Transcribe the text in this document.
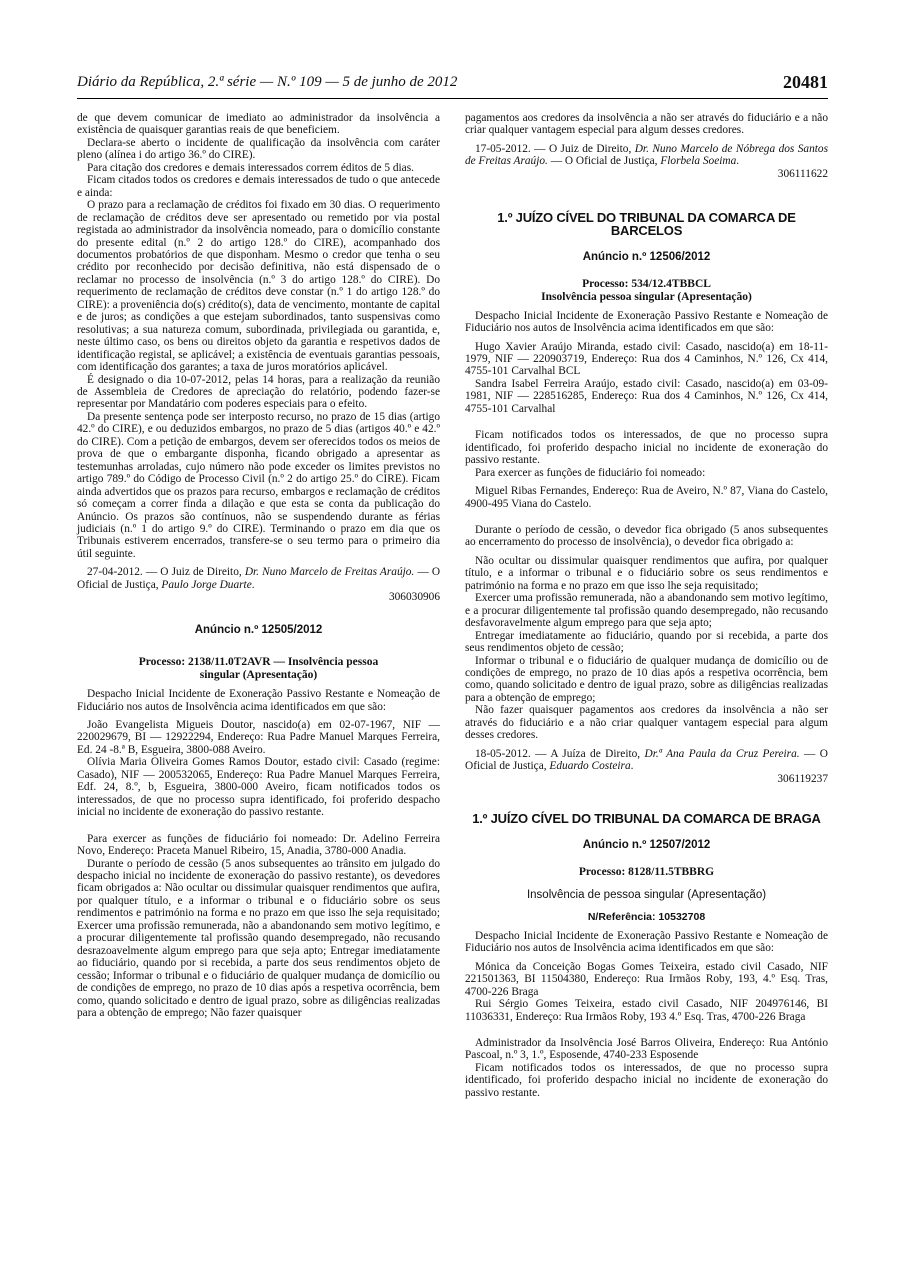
Diário da República, 2.ª série — N.º 109 — 5 de junho de 2012	20481

de que devem comunicar de imediato ao administrador da insolvência a existência de quaisquer garantias reais de que beneficiem.

Declara-se aberto o incidente de qualificação da insolvência com caráter pleno (alínea i do artigo 36.º do CIRE).

Para citação dos credores e demais interessados correm éditos de 5 dias.

Ficam citados todos os credores e demais interessados de tudo o que antecede e ainda:

O prazo para a reclamação de créditos foi fixado em 30 dias. O requerimento de reclamação de créditos deve ser apresentado ou remetido por via postal registada ao administrador da insolvência nomeado, para o domicílio constante do presente edital (n.º 2 do artigo 128.º do CIRE), acompanhado dos documentos probatórios de que disponham. Mesmo o credor que tenha o seu crédito por reconhecido por decisão definitiva, não está dispensado de o reclamar no processo de insolvência (n.º 3 do artigo 128.º do CIRE). Do requerimento de reclamação de créditos deve constar (n.º 1 do artigo 128.º do CIRE): a proveniência do(s) crédito(s), data de vencimento, montante de capital e de juros; as condições a que estejam subordinados, tanto suspensivas como resolutivas; a sua natureza comum, subordinada, privilegiada ou garantida, e, neste último caso, os bens ou direitos objeto da garantia e respetivos dados de identificação registal, se aplicável; a existência de eventuais garantias pessoais, com identificação dos garantes; a taxa de juros moratórios aplicável.

É designado o dia 10-07-2012, pelas 14 horas, para a realização da reunião de Assembleia de Credores de apreciação do relatório, podendo fazer-se representar por Mandatário com poderes especiais para o efeito.

Da presente sentença pode ser interposto recurso, no prazo de 15 dias (artigo 42.º do CIRE), e ou deduzidos embargos, no prazo de 5 dias (artigos 40.º e 42.º do CIRE). Com a petição de embargos, devem ser oferecidos todos os meios de prova de que o embargante disponha, ficando obrigado a apresentar as testemunhas arroladas, cujo número não pode exceder os limites previstos no artigo 789.º do Código de Processo Civil (n.º 2 do artigo 25.º do CIRE). Ficam ainda advertidos que os prazos para recurso, embargos e reclamação de créditos só começam a correr finda a dilação e que esta se conta da publicação do Anúncio. Os prazos são contínuos, não se suspendendo durante as férias judiciais (n.º 1 do artigo 9.º do CIRE). Terminando o prazo em dia que os Tribunais estiverem encerrados, transfere-se o seu termo para o primeiro dia útil seguinte.

27-04-2012. — O Juiz de Direito, Dr. Nuno Marcelo de Freitas Araújo. — O Oficial de Justiça, Paulo Jorge Duarte.

306030906

Anúncio n.º 12505/2012
Processo: 2138/11.0T2AVR — Insolvência pessoa
singular (Apresentação)

Despacho Inicial Incidente de Exoneração Passivo Restante e Nomeação de Fiduciário nos autos de Insolvência acima identificados em que são:

João Evangelista Migueis Doutor, nascido(a) em 02-07-1967, NIF — 220029679, BI — 12922294, Endereço: Rua Padre Manuel Marques Ferreira, Ed. 24 -8.ª B, Esgueira, 3800-088 Aveiro.

Olívia Maria Oliveira Gomes Ramos Doutor, estado civil: Casado (regime: Casado), NIF — 200532065, Endereço: Rua Padre Manuel Marques Ferreira, Edf. 24, 8.º, b, Esgueira, 3800-000 Aveiro, ficam notificados todos os interessados, de que no processo supra identificado, foi proferido despacho inicial no incidente de exoneração do passivo restante.

Para exercer as funções de fiduciário foi nomeado: Dr. Adelino Ferreira Novo, Endereço: Praceta Manuel Ribeiro, 15, Anadia, 3780-000 Anadia.

Durante o período de cessão (5 anos subsequentes ao trânsito em julgado do despacho inicial no incidente de exoneração do passivo restante), os devedores ficam obrigados a: Não ocultar ou dissimular quaisquer rendimentos que aufira, por qualquer título, e a informar o tribunal e o fiduciário sobre os seus rendimentos e património na forma e no prazo em que isso lhe seja requisitado; Exercer uma profissão remunerada, não a abandonando sem motivo legítimo, e a procurar diligentemente tal profissão quando desempregado, não recusando desrazoavelmente algum emprego para que seja apto; Entregar imediatamente ao fiduciário, quando por si recebida, a parte dos seus rendimentos objeto de cessão; Informar o tribunal e o fiduciário de qualquer mudança de domicílio ou de condições de emprego, no prazo de 10 dias após a respetiva ocorrência, bem como, quando solicitado e dentro de igual prazo, sobre as diligências realizadas para a obtenção de emprego; Não fazer quaisquer

pagamentos aos credores da insolvência a não ser através do fiduciário e a não criar qualquer vantagem especial para algum desses credores.

17-05-2012. — O Juiz de Direito, Dr. Nuno Marcelo de Nóbrega dos Santos de Freitas Araújo. — O Oficial de Justiça, Florbela Soeima.

306111622

1.º JUÍZO CÍVEL DO TRIBUNAL DA COMARCA DE BARCELOS
Anúncio n.º 12506/2012
Processo: 534/12.4TBBCL
Insolvência pessoa singular (Apresentação)

Despacho Inicial Incidente de Exoneração Passivo Restante e Nomeação de Fiduciário nos autos de Insolvência acima identificados em que são:

Hugo Xavier Araújo Miranda, estado civil: Casado, nascido(a) em 18-11-1979, NIF — 220903719, Endereço: Rua dos 4 Caminhos, N.º 126, Cx 414, 4755-101 Carvalhal BCL

Sandra Isabel Ferreira Araújo, estado civil: Casado, nascido(a) em 03-09-1981, NIF — 228516285, Endereço: Rua dos 4 Caminhos, N.º 126, Cx 414, 4755-101 Carvalhal

Ficam notificados todos os interessados, de que no processo supra identificado, foi proferido despacho inicial no incidente de exoneração do passivo restante.

Para exercer as funções de fiduciário foi nomeado:

Miguel Ribas Fernandes, Endereço: Rua de Aveiro, N.º 87, Viana do Castelo, 4900-495 Viana do Castelo.

Durante o período de cessão, o devedor fica obrigado (5 anos subsequentes ao encerramento do processo de insolvência), o devedor fica obrigado a:

Não ocultar ou dissimular quaisquer rendimentos que aufira, por qualquer título, e a informar o tribunal e o fiduciário sobre os seus rendimentos e património na forma e no prazo em que isso lhe seja requisitado;

Exercer uma profissão remunerada, não a abandonando sem motivo legítimo, e a procurar diligentemente tal profissão quando desempregado, não recusando desfavoravelmente algum emprego para que seja apto;

Entregar imediatamente ao fiduciário, quando por si recebida, a parte dos seus rendimentos objeto de cessão;

Informar o tribunal e o fiduciário de qualquer mudança de domicílio ou de condições de emprego, no prazo de 10 dias após a respetiva ocorrência, bem como, quando solicitado e dentro de igual prazo, sobre as diligências realizadas para a obtenção de emprego;

Não fazer quaisquer pagamentos aos credores da insolvência a não ser através do fiduciário e a não criar qualquer vantagem especial para algum desses credores.

18-05-2012. — A Juíza de Direito, Dr.ª Ana Paula da Cruz Pereira. — O Oficial de Justiça, Eduardo Costeira.

306119237

1.º JUÍZO CÍVEL DO TRIBUNAL DA COMARCA DE BRAGA
Anúncio n.º 12507/2012
Processo: 8128/11.5TBBRG
Insolvência de pessoa singular (Apresentação)
N/Referência: 10532708

Despacho Inicial Incidente de Exoneração Passivo Restante e Nomeação de Fiduciário nos autos de Insolvência acima identificados em que são:

Mónica da Conceição Bogas Gomes Teixeira, estado civil Casado, NIF 221501363, BI 11504380, Endereço: Rua Irmãos Roby, 193, 4.º Esq. Tras, 4700-226 Braga

Rui Sérgio Gomes Teixeira, estado civil Casado, NIF 204976146, BI 11036331, Endereço: Rua Irmãos Roby, 193 4.º Esq. Tras, 4700-226 Braga

Administrador da Insolvência José Barros Oliveira, Endereço: Rua António Pascoal, n.º 3, 1.º, Esposende, 4740-233 Esposende

Ficam notificados todos os interessados, de que no processo supra identificado, foi proferido despacho inicial no incidente de exoneração do passivo restante.
